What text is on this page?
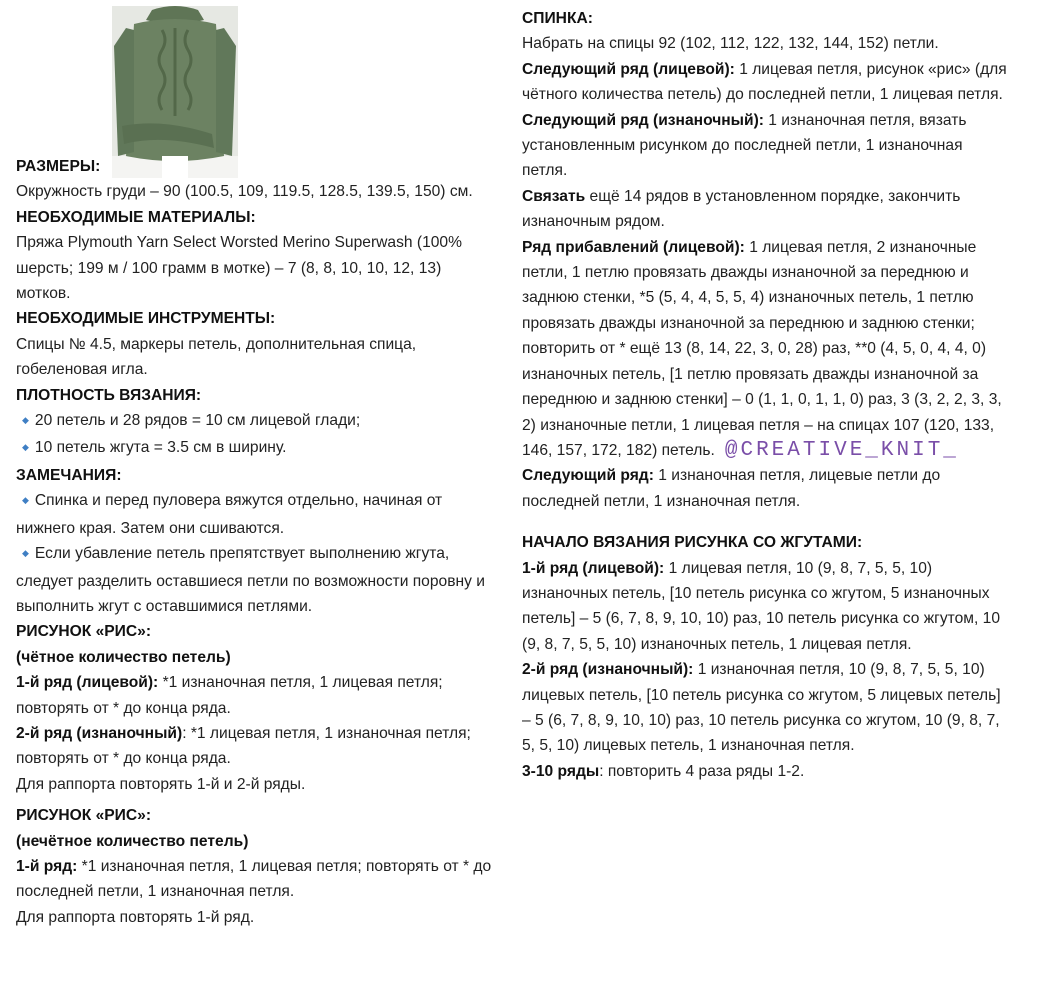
РАЗМЕРЫ:

Окружность груди – 90 (100.5, 109, 119.5, 128.5, 139.5, 150) см.

НЕОБХОДИМЫЕ МАТЕРИАЛЫ:

Пряжа Plymouth Yarn Select Worsted Merino Superwash (100% шерсть; 199 м / 100 грамм в мотке) – 7 (8, 8, 10, 10, 12, 13) мотков.

НЕОБХОДИМЫЕ ИНСТРУМЕНТЫ:

Спицы № 4.5, маркеры петель, дополнительная спица, гобеленовая игла.

ПЛОТНОСТЬ ВЯЗАНИЯ:

◆ 20 петель и 28 рядов = 10 см лицевой глади;

◆ 10 петель жгута = 3.5 см в ширину.

ЗАМЕЧАНИЯ:

◆ Спинка и перед пуловера вяжутся отдельно, начиная от нижнего края. Затем они сшиваются.

◆ Если убавление петель препятствует выполнению жгута, следует разделить оставшиеся петли по возможности поровну и выполнить жгут с оставшимися петлями.

РИСУНОК «РИС»:

(чётное количество петель)

1-й ряд (лицевой): *1 изнаночная петля, 1 лицевая петля; повторять от * до конца ряда.

2-й ряд (изнаночный): *1 лицевая петля, 1 изнаночная петля; повторять от * до конца ряда.

Для раппорта повторять 1-й и 2-й ряды.

РИСУНОК «РИС»:

(нечётное количество петель)

1-й ряд: *1 изнаночная петля, 1 лицевая петля; повторять от * до последней петли, 1 изнаночная петля.

Для раппорта повторять 1-й ряд.

СПИНКА:

Набрать на спицы 92 (102, 112, 122, 132, 144, 152) петли.

Следующий ряд (лицевой): 1 лицевая петля, рисунок «рис» (для чётного количества петель) до последней петли, 1 лицевая петля.

Следующий ряд (изнаночный): 1 изнаночная петля, вязать установленным рисунком до последней петли, 1 изнаночная петля.

Связать ещё 14 рядов в установленном порядке, закончить изнаночным рядом.

Ряд прибавлений (лицевой): 1 лицевая петля, 2 изнаночные петли, 1 петлю провязать дважды изнаночной за переднюю и заднюю стенки, *5 (5, 4, 4, 5, 5, 4) изнаночных петель, 1 петлю провязать дважды изнаночной за переднюю и заднюю стенки; повторить от * ещё 13 (8, 14, 22, 3, 0, 28) раз, **0 (4, 5, 0, 4, 4, 0) изнаночных петель, [1 петлю провязать дважды изнаночной за переднюю и заднюю стенки] – 0 (1, 1, 0, 1, 1, 0) раз, 3 (3, 2, 2, 3, 3, 2) изнаночные петли, 1 лицевая петля – на спицах 107 (120, 133, 146, 157, 172, 182) петель. @CREATIVE_KNIT_

Следующий ряд: 1 изнаночная петля, лицевые петли до последней петли, 1 изнаночная петля.

НАЧАЛО ВЯЗАНИЯ РИСУНКА СО ЖГУТАМИ:

1-й ряд (лицевой): 1 лицевая петля, 10 (9, 8, 7, 5, 5, 10) изнаночных петель, [10 петель рисунка со жгутом, 5 изнаночных петель] – 5 (6, 7, 8, 9, 10, 10) раз, 10 петель рисунка со жгутом, 10 (9, 8, 7, 5, 5, 10) изнаночных петель, 1 лицевая петля.

2-й ряд (изнаночный): 1 изнаночная петля, 10 (9, 8, 7, 5, 5, 10) лицевых петель, [10 петель рисунка со жгутом, 5 лицевых петель] – 5 (6, 7, 8, 9, 10, 10) раз, 10 петель рисунка со жгутом, 10 (9, 8, 7, 5, 5, 10) лицевых петель, 1 изнаночная петля.

3-10 ряды: повторить 4 раза ряды 1-2.
